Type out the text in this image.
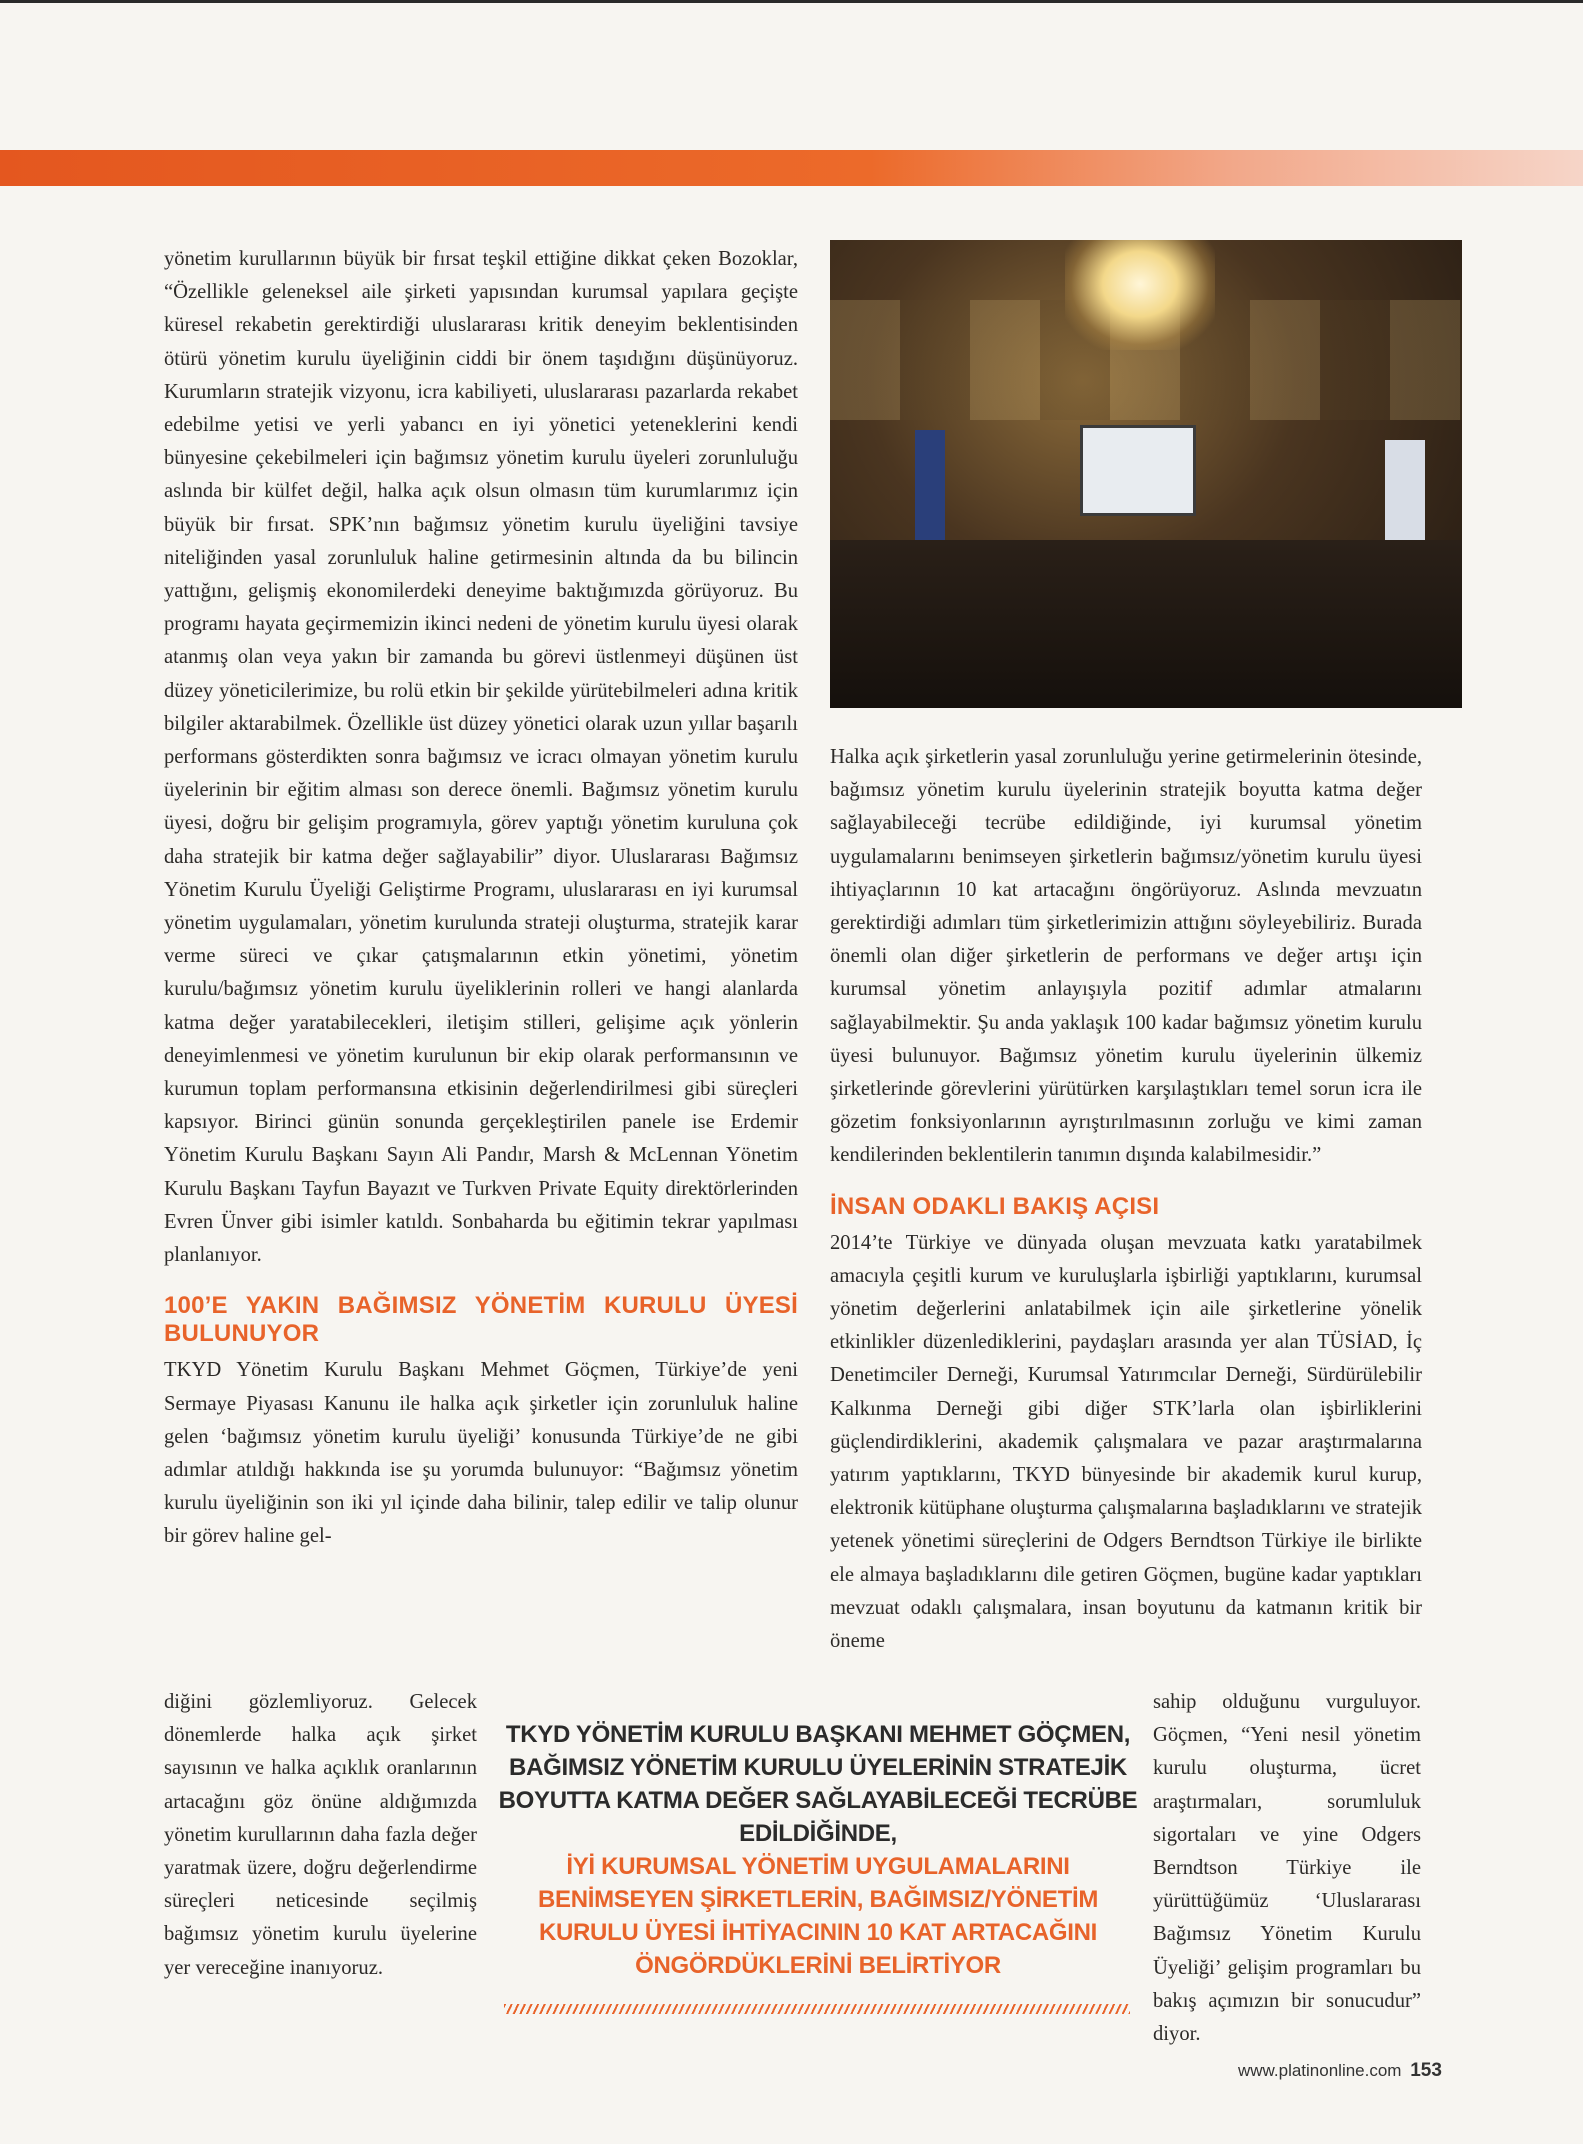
yönetim kurullarının büyük bir fırsat teşkil ettiğine dikkat çeken Bozoklar, “Özellikle geleneksel aile şirketi yapısından kurumsal yapılara geçişte küresel rekabetin gerektirdiği uluslararası kritik deneyim beklentisinden ötürü yönetim kurulu üyeliğinin ciddi bir önem taşıdığını düşünüyoruz. Kurumların stratejik vizyonu, icra kabiliyeti, uluslararası pazarlarda rekabet edebilme yetisi ve yerli yabancı en iyi yönetici yeteneklerini kendi bünyesine çekebilmeleri için bağımsız yönetim kurulu üyeleri zorunluluğu aslında bir külfet değil, halka açık olsun olmasın tüm kurumlarımız için büyük bir fırsat. SPK’nın bağımsız yönetim kurulu üyeliğini tavsiye niteliğinden yasal zorunluluk haline getirmesinin altında da bu bilincin yattığını, gelişmiş ekonomilerdeki deneyime baktığımızda görüyoruz. Bu programı hayata geçirmemizin ikinci nedeni de yönetim kurulu üyesi olarak atanmış olan veya yakın bir zamanda bu görevi üstlenmeyi düşünen üst düzey yöneticilerimize, bu rolü etkin bir şekilde yürütebilmeleri adına kritik bilgiler aktarabilmek. Özellikle üst düzey yönetici olarak uzun yıllar başarılı performans gösterdikten sonra bağımsız ve icracı olmayan yönetim kurulu üyelerinin bir eğitim alması son derece önemli. Bağımsız yönetim kurulu üyesi, doğru bir gelişim programıyla, görev yaptığı yönetim kuruluna çok daha stratejik bir katma değer sağlayabilir” diyor. Uluslararası Bağımsız Yönetim Kurulu Üyeliği Geliştirme Programı, uluslararası en iyi kurumsal yönetim uygulamaları, yönetim kurulunda strateji oluşturma, stratejik karar verme süreci ve çıkar çatışmalarının etkin yönetimi, yönetim kurulu/bağımsız yönetim kurulu üyeliklerinin rolleri ve hangi alanlarda katma değer yaratabilecekleri, iletişim stilleri, gelişime açık yönlerin deneyimlenmesi ve yönetim kurulunun bir ekip olarak performansının ve kurumun toplam performansına etkisinin değerlendirilmesi gibi süreçleri kapsıyor. Birinci günün sonunda gerçekleştirilen panele ise Erdemir Yönetim Kurulu Başkanı Sayın Ali Pandır, Marsh & McLennan Yönetim Kurulu Başkanı Tayfun Bayazıt ve Turkven Private Equity direktörlerinden Evren Ünver gibi isimler katıldı. Sonbaharda bu eğitimin tekrar yapılması planlanıyor.

100’E YAKIN BAĞIMSIZ YÖNETİM KURULU ÜYESİ BULUNUYOR

TKYD Yönetim Kurulu Başkanı Mehmet Göçmen, Türkiye’de yeni Sermaye Piyasası Kanunu ile halka açık şirketler için zorunluluk haline gelen ‘bağımsız yönetim kurulu üyeliği’ konusunda Türkiye’de ne gibi adımlar atıldığı hakkında ise şu yorumda bulunuyor: “Bağımsız yönetim kurulu üyeliğinin son iki yıl içinde daha bilinir, talep edilir ve talip olunur bir görev haline gel-

diğini gözlemliyoruz. Gelecek dönemlerde halka açık şirket sayısının ve halka açıklık oranlarının artacağını göz önüne aldığımızda yönetim kurullarının daha fazla değer yaratmak üzere, doğru değerlendirme süreçleri neticesinde seçilmiş bağımsız yönetim kurulu üyelerine yer vereceğine inanıyoruz.

Halka açık şirketlerin yasal zorunluluğu yerine getirmelerinin ötesinde, bağımsız yönetim kurulu üyelerinin stratejik boyutta katma değer sağlayabileceği tecrübe edildiğinde, iyi kurumsal yönetim uygulamalarını benimseyen şirketlerin bağımsız/yönetim kurulu üyesi ihtiyaçlarının 10 kat artacağını öngörüyoruz. Aslında mevzuatın gerektirdiği adımları tüm şirketlerimizin attığını söyleyebiliriz. Burada önemli olan diğer şirketlerin de performans ve değer artışı için kurumsal yönetim anlayışıyla pozitif adımlar atmalarını sağlayabilmektir. Şu anda yaklaşık 100 kadar bağımsız yönetim kurulu üyesi bulunuyor. Bağımsız yönetim kurulu üyelerinin ülkemiz şirketlerinde görevlerini yürütürken karşılaştıkları temel sorun icra ile gözetim fonksiyonlarının ayrıştırılmasının zorluğu ve kimi zaman kendilerinden beklentilerin tanımın dışında kalabilmesidir.”

İNSAN ODAKLI BAKIŞ AÇISI

2014’te Türkiye ve dünyada oluşan mevzuata katkı yaratabilmek amacıyla çeşitli kurum ve kuruluşlarla işbirliği yaptıklarını, kurumsal yönetim değerlerini anlatabilmek için aile şirketlerine yönelik etkinlikler düzenlediklerini, paydaşları arasında yer alan TÜSİAD, İç Denetimciler Derneği, Kurumsal Yatırımcılar Derneği, Sürdürülebilir Kalkınma Derneği gibi diğer STK’larla olan işbirliklerini güçlendirdiklerini, akademik çalışmalara ve pazar araştırmalarına yatırım yaptıklarını, TKYD bünyesinde bir akademik kurul kurup, elektronik kütüphane oluşturma çalışmalarına başladıklarını ve stratejik yetenek yönetimi süreçlerini de Odgers Berndtson Türkiye ile birlikte ele almaya başladıklarını dile getiren Göçmen, bugüne kadar yaptıkları mevzuat odaklı çalışmalara, insan boyutunu da katmanın kritik bir öneme

sahip olduğunu vurguluyor. Göçmen, “Yeni nesil yönetim kurulu oluşturma, ücret araştırmaları, sorumluluk sigortaları ve yine Odgers Berndtson Türkiye ile yürüttüğümüz ‘Uluslararası Bağımsız Yönetim Kurulu Üyeliği’ gelişim programları bu bakış açımızın bir sonucudur” diyor.

TKYD YÖNETİM KURULU BAŞKANI MEHMET GÖÇMEN, BAĞIMSIZ YÖNETİM KURULU ÜYELERİNİN STRATEJİK BOYUTTA KATMA DEĞER SAĞLAYABİLECEĞİ TECRÜBE EDİLDİĞİNDE,
İYİ KURUMSAL YÖNETİM UYGULAMALARINI BENİMSEYEN ŞİRKETLERİN, BAĞIMSIZ/YÖNETİM KURULU ÜYESİ İHTİYACININ 10 KAT ARTACAĞINI ÖNGÖRDÜKLERİNİ BELİRTİYOR
www.platinonline.com 153
